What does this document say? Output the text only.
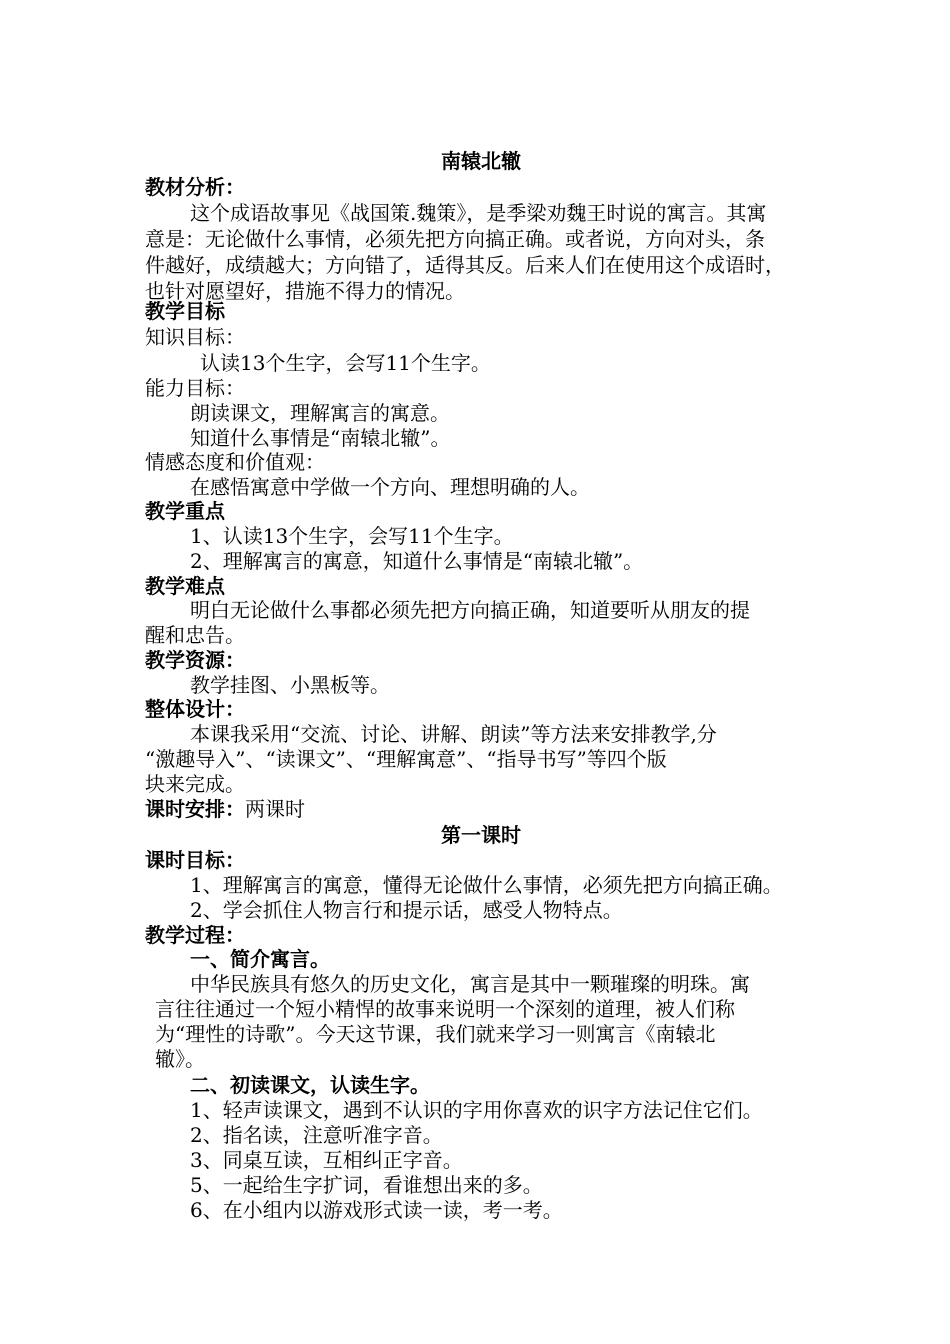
南辕北辙
教材分析：
这个成语故事见《战国策.魏策》，是季梁劝魏王时说的寓言。其寓
意是：无论做什么事情，必须先把方向搞正确。或者说，方向对头，条
件越好，成绩越大；方向错了，适得其反。后来人们在使用这个成语时，
也针对愿望好，措施不得力的情况。
教学目标
知识目标：
认读13个生字，会写11个生字。
能力目标：
朗读课文，理解寓言的寓意。
知道什么事情是“南辕北辙”。
情感态度和价值观：
在感悟寓意中学做一个方向、理想明确的人。
教学重点
1、认读13个生字，会写11个生字。
2、理解寓言的寓意，知道什么事情是“南辕北辙”。
教学难点
明白无论做什么事都必须先把方向搞正确，知道要听从朋友的提
醒和忠告。
教学资源：
教学挂图、小黑板等。
整体设计：
本课我采用“交流、讨论、讲解、朗读”等方法来安排教学,分
“激趣导入”、“读课文”、“理解寓意”、“指导书写”等四个版
块来完成。
课时安排：两课时
第一课时
课时目标：
1、理解寓言的寓意，懂得无论做什么事情，必须先把方向搞正确。
2、学会抓住人物言行和提示话，感受人物特点。
教学过程：
一、简介寓言。
中华民族具有悠久的历史文化，寓言是其中一颗璀璨的明珠。寓
言往往通过一个短小精悍的故事来说明一个深刻的道理，被人们称
为“理性的诗歌”。今天这节课，我们就来学习一则寓言《南辕北
辙》。
二、初读课文，认读生字。
1、轻声读课文，遇到不认识的字用你喜欢的识字方法记住它们。
2、指名读，注意听准字音。
3、同桌互读，互相纠正字音。
5、一起给生字扩词，看谁想出来的多。
6、在小组内以游戏形式读一读，考一考。
